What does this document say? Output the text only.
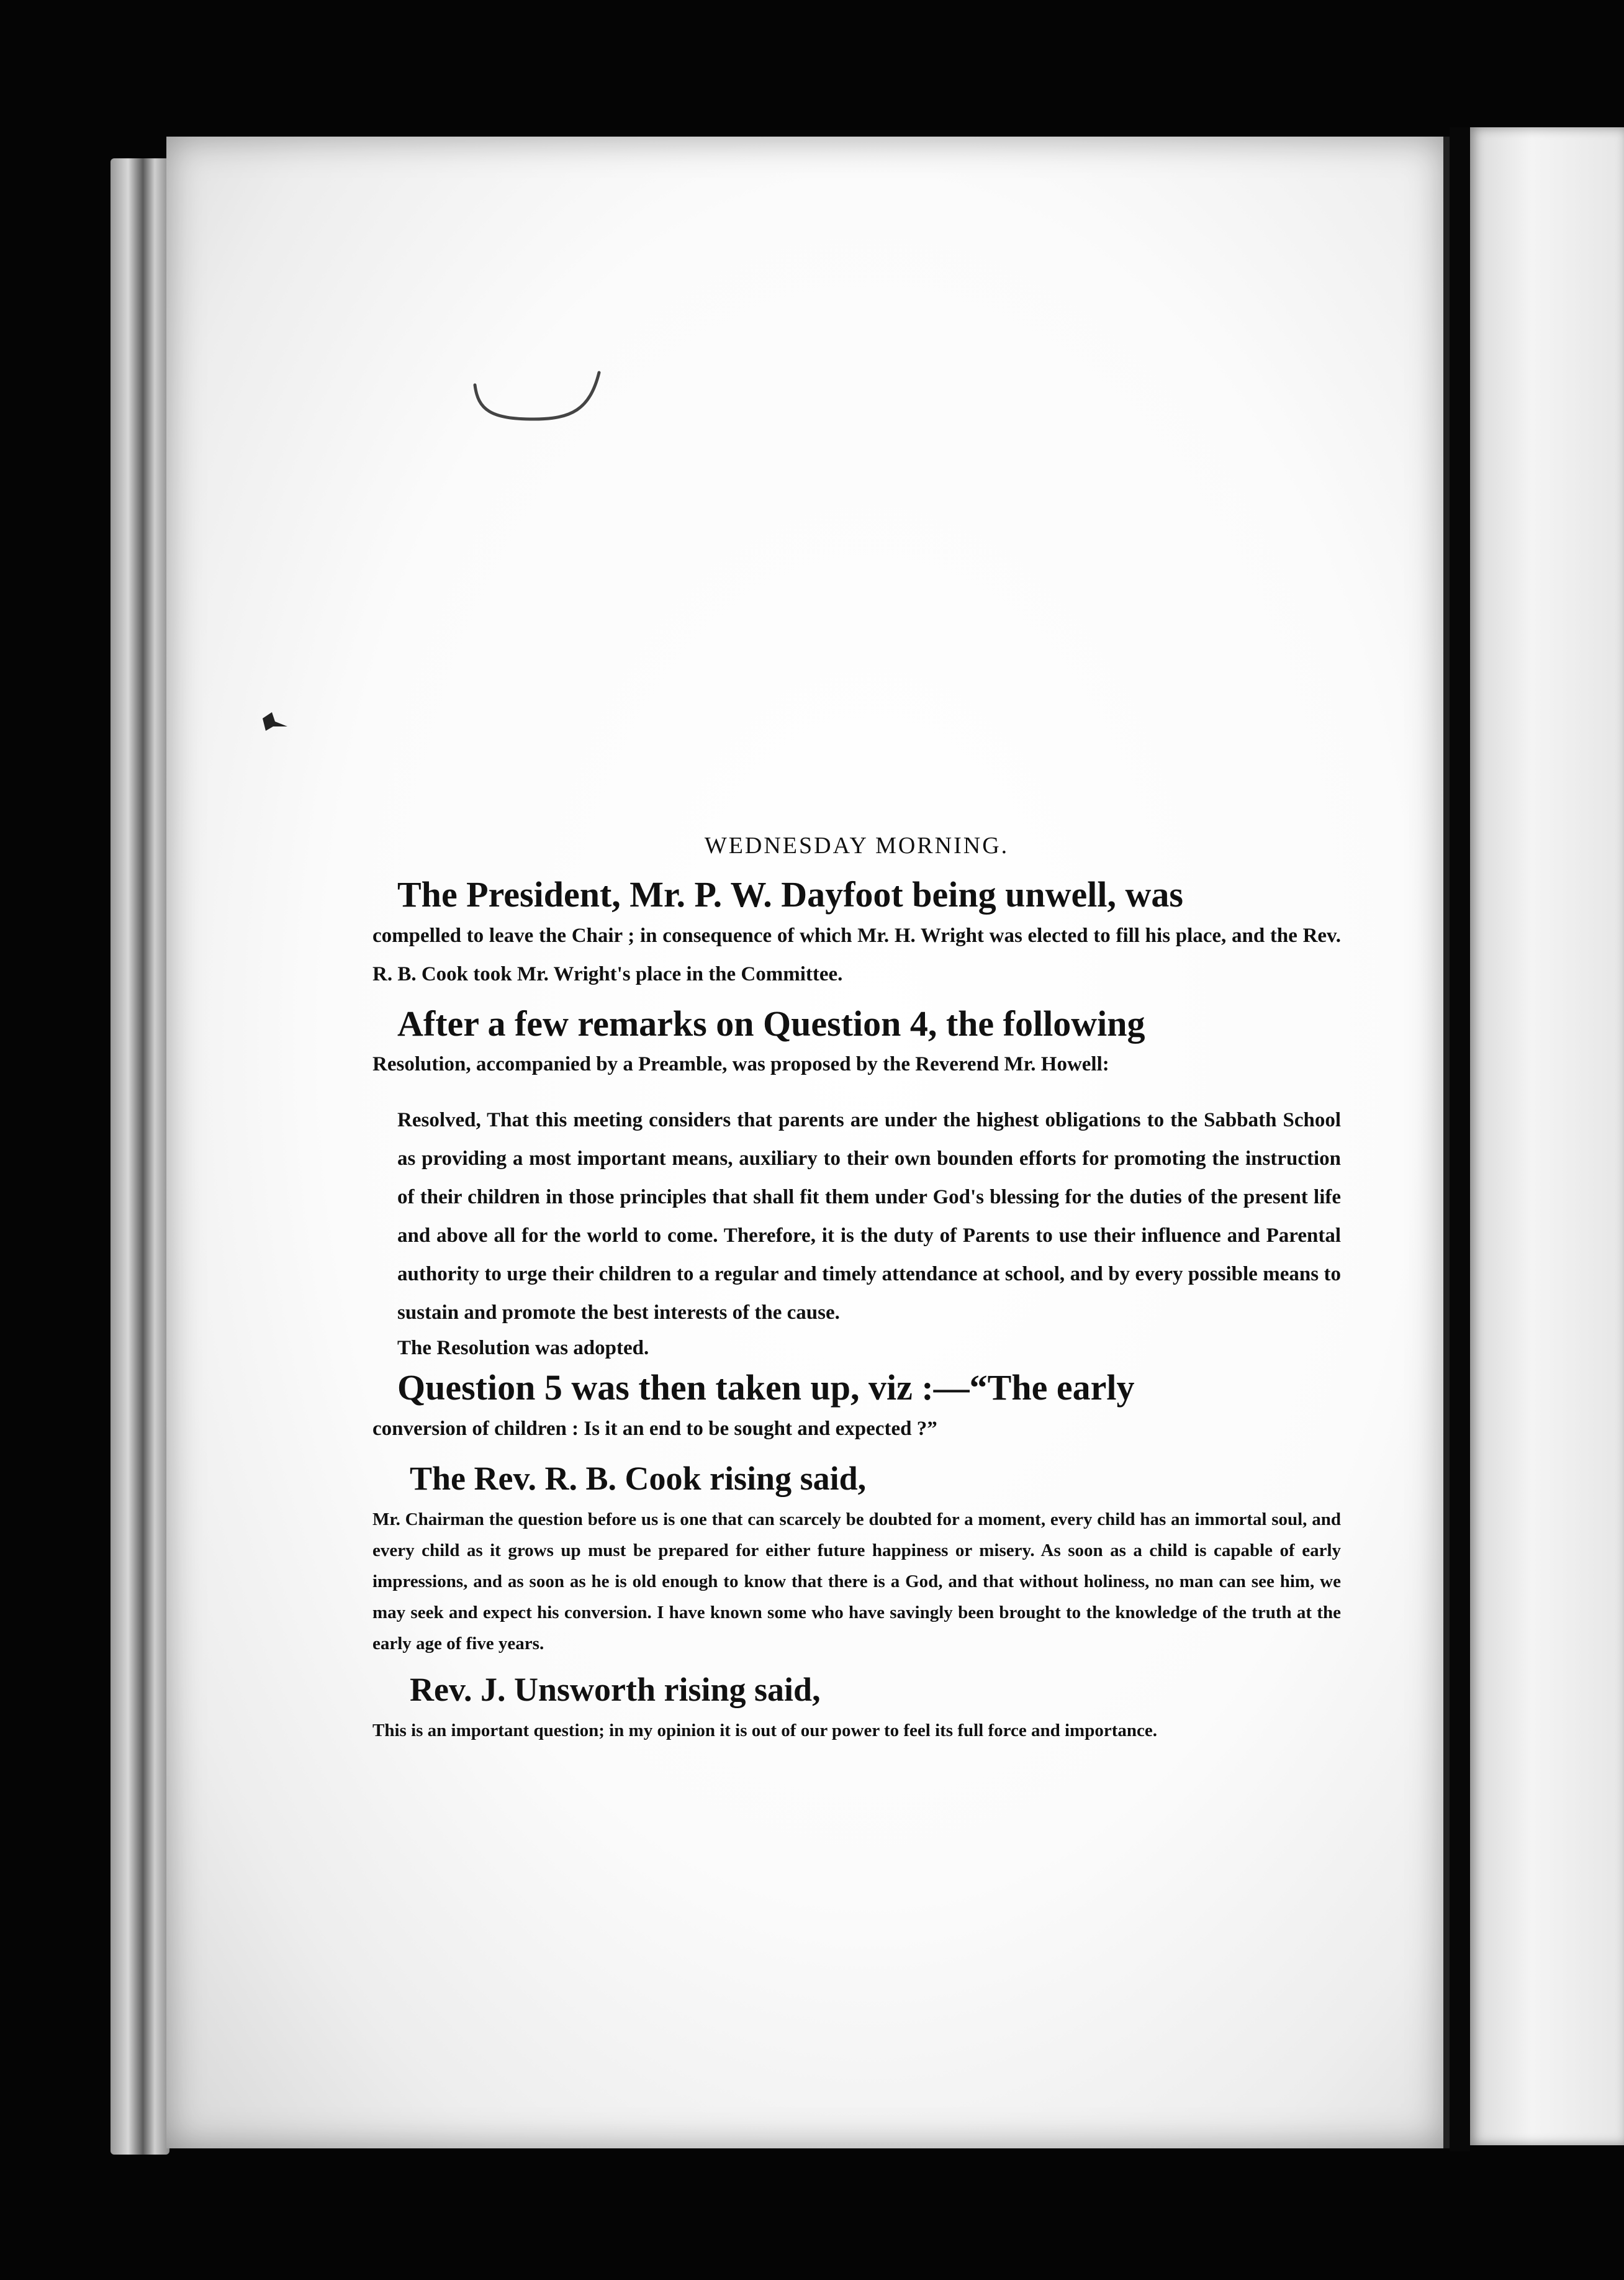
WEDNESDAY MORNING.

The President, Mr. P. W. Dayfoot being unwell, was

compelled to leave the Chair ; in consequence of which Mr. H. Wright was elected to fill his place, and the Rev. R. B. Cook took Mr. Wright's place in the Committee.

After a few remarks on Question 4, the following

Resolution, accompanied by a Preamble, was proposed by the Reverend Mr. Howell:

Resolved, That this meeting considers that parents are under the highest obligations to the Sabbath School as providing a most important means, auxiliary to their own bounden efforts for promoting the instruction of their children in those principles that shall fit them under God's blessing for the duties of the present life and above all for the world to come. Therefore, it is the duty of Parents to use their influence and Parental authority to urge their children to a regular and timely attendance at school, and by every possible means to sustain and promote the best interests of the cause.

The Resolution was adopted.

Question 5 was then taken up, viz :—“The early

conversion of children : Is it an end to be sought and expected ?”

The Rev. R. B. Cook rising said,

Mr. Chairman the question before us is one that can scarcely be doubted for a moment, every child has an immortal soul, and every child as it grows up must be prepared for either future happiness or misery. As soon as a child is capable of early impressions, and as soon as he is old enough to know that there is a God, and that without holiness, no man can see him, we may seek and expect his conversion. I have known some who have savingly been brought to the knowledge of the truth at the early age of five years.

Rev. J. Unsworth rising said,

This is an important question; in my opinion it is out of our power to feel its full force and importance.
